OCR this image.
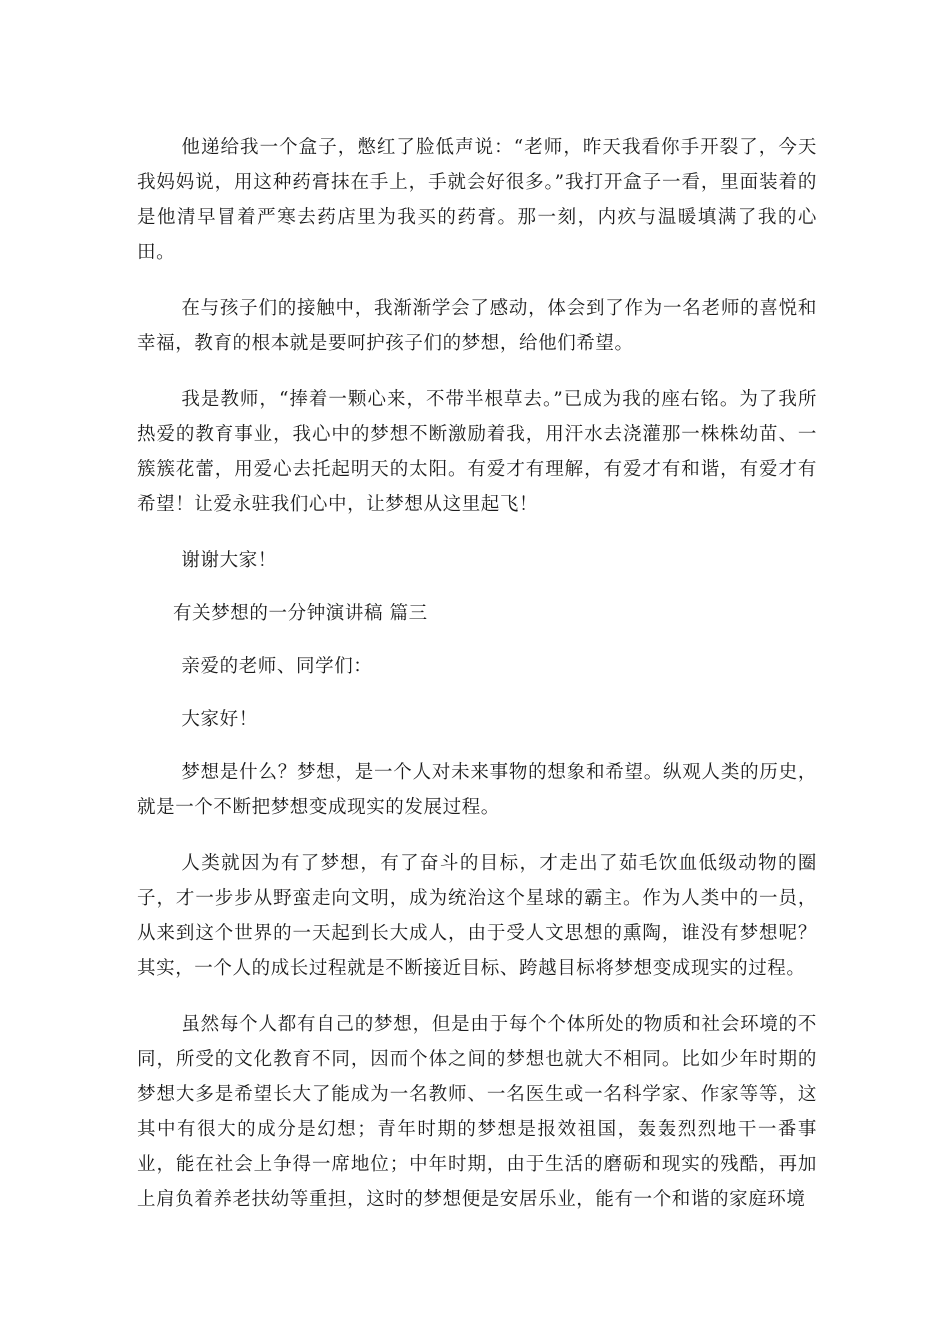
他递给我一个盒子，憋红了脸低声说：“老师，昨天我看你手开裂了，今天我妈妈说，用这种药膏抹在手上，手就会好很多。”我打开盒子一看，里面装着的是他清早冒着严寒去药店里为我买的药膏。那一刻，内疚与温暖填满了我的心田。

在与孩子们的接触中，我渐渐学会了感动，体会到了作为一名老师的喜悦和幸福，教育的根本就是要呵护孩子们的梦想，给他们希望。

我是教师，“捧着一颗心来，不带半根草去。”已成为我的座右铭。为了我所热爱的教育事业，我心中的梦想不断激励着我，用汗水去浇灌那一株株幼苗、一簇簇花蕾，用爱心去托起明天的太阳。有爱才有理解，有爱才有和谐，有爱才有希望！让爱永驻我们心中，让梦想从这里起飞！

谢谢大家！

有关梦想的一分钟演讲稿 篇三

亲爱的老师、同学们：

大家好！

梦想是什么？梦想，是一个人对未来事物的想象和希望。纵观人类的历史，就是一个不断把梦想变成现实的发展过程。

人类就因为有了梦想，有了奋斗的目标，才走出了茹毛饮血低级动物的圈子，才一步步从野蛮走向文明，成为统治这个星球的霸主。作为人类中的一员，从来到这个世界的一天起到长大成人，由于受人文思想的熏陶，谁没有梦想呢？其实，一个人的成长过程就是不断接近目标、跨越目标将梦想变成现实的过程。

虽然每个人都有自己的梦想，但是由于每个个体所处的物质和社会环境的不同，所受的文化教育不同，因而个体之间的梦想也就大不相同。比如少年时期的梦想大多是希望长大了能成为一名教师、一名医生或一名科学家、作家等等，这其中有很大的成分是幻想；青年时期的梦想是报效祖国，轰轰烈烈地干一番事业，能在社会上争得一席地位；中年时期，由于生活的磨砺和现实的残酷，再加上肩负着养老扶幼等重担，这时的梦想便是安居乐业，能有一个和谐的家庭环境
